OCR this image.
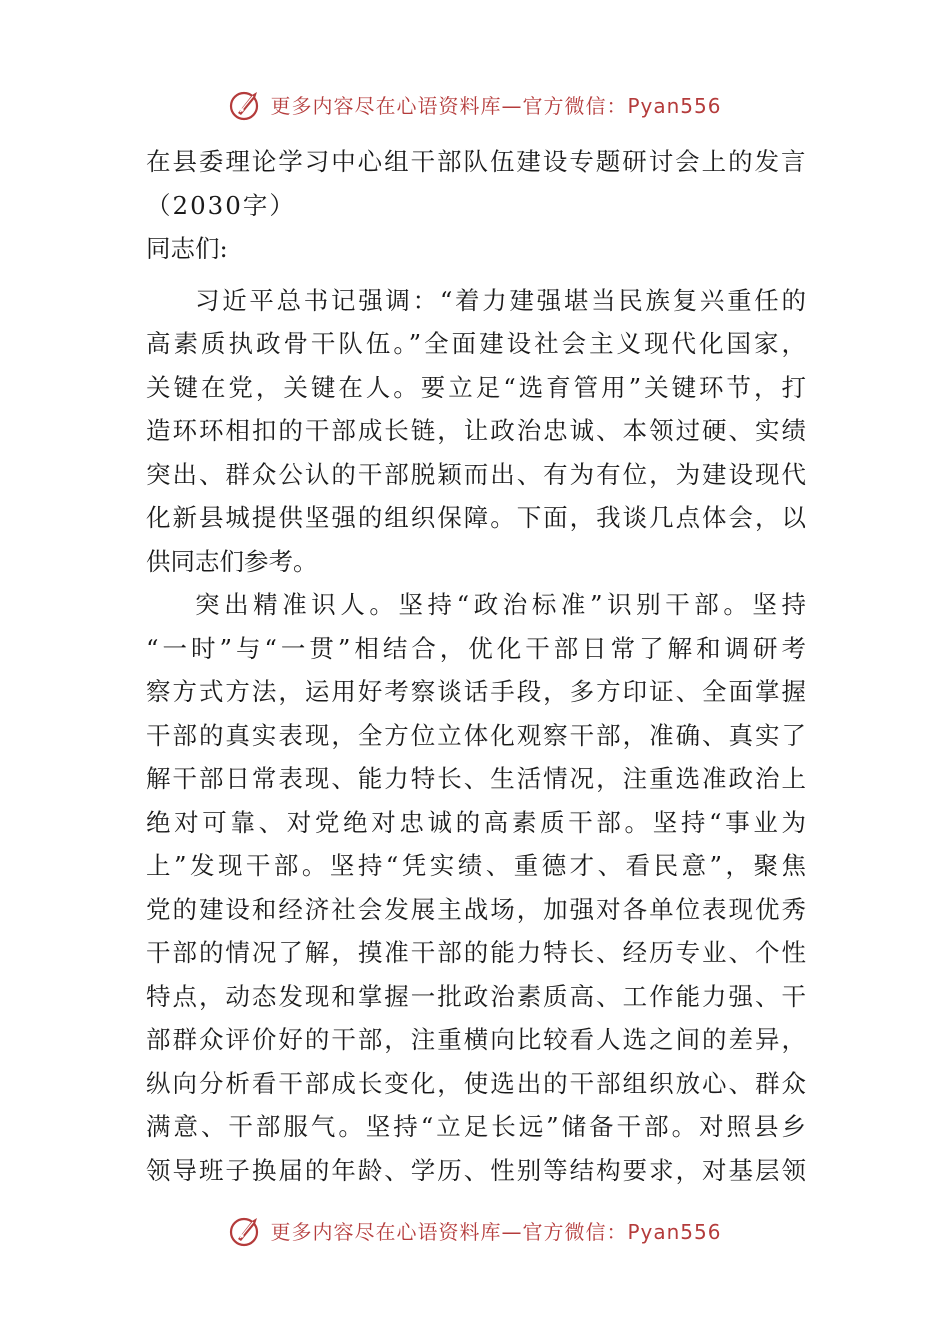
更多内容尽在心语资料库—官方微信：Pyan556
在县委理论学习中心组干部队伍建设专题研讨会上的发言
（2030字）
同志们:
习近平总书记强调：“着力建强堪当民族复兴重任的
高素质执政骨干队伍。”全面建设社会主义现代化国家，
关键在党，关键在人。要立足“选育管用”关键环节，打
造环环相扣的干部成长链，让政治忠诚、本领过硬、实绩
突出、群众公认的干部脱颖而出、有为有位，为建设现代
化新县城提供坚强的组织保障。下面，我谈几点体会，以
供同志们参考。
突出精准识人。坚持“政治标准”识别干部。坚持
“一时”与“一贯”相结合，优化干部日常了解和调研考
察方式方法，运用好考察谈话手段，多方印证、全面掌握
干部的真实表现，全方位立体化观察干部，准确、真实了
解干部日常表现、能力特长、生活情况，注重选准政治上
绝对可靠、对党绝对忠诚的高素质干部。坚持“事业为
上”发现干部。坚持“凭实绩、重德才、看民意”，聚焦
党的建设和经济社会发展主战场，加强对各单位表现优秀
干部的情况了解，摸准干部的能力特长、经历专业、个性
特点，动态发现和掌握一批政治素质高、工作能力强、干
部群众评价好的干部，注重横向比较看人选之间的差异，
纵向分析看干部成长变化，使选出的干部组织放心、群众
满意、干部服气。坚持“立足长远”储备干部。对照县乡
领导班子换届的年龄、学历、性别等结构要求，对基层领
更多内容尽在心语资料库—官方微信：Pyan556
